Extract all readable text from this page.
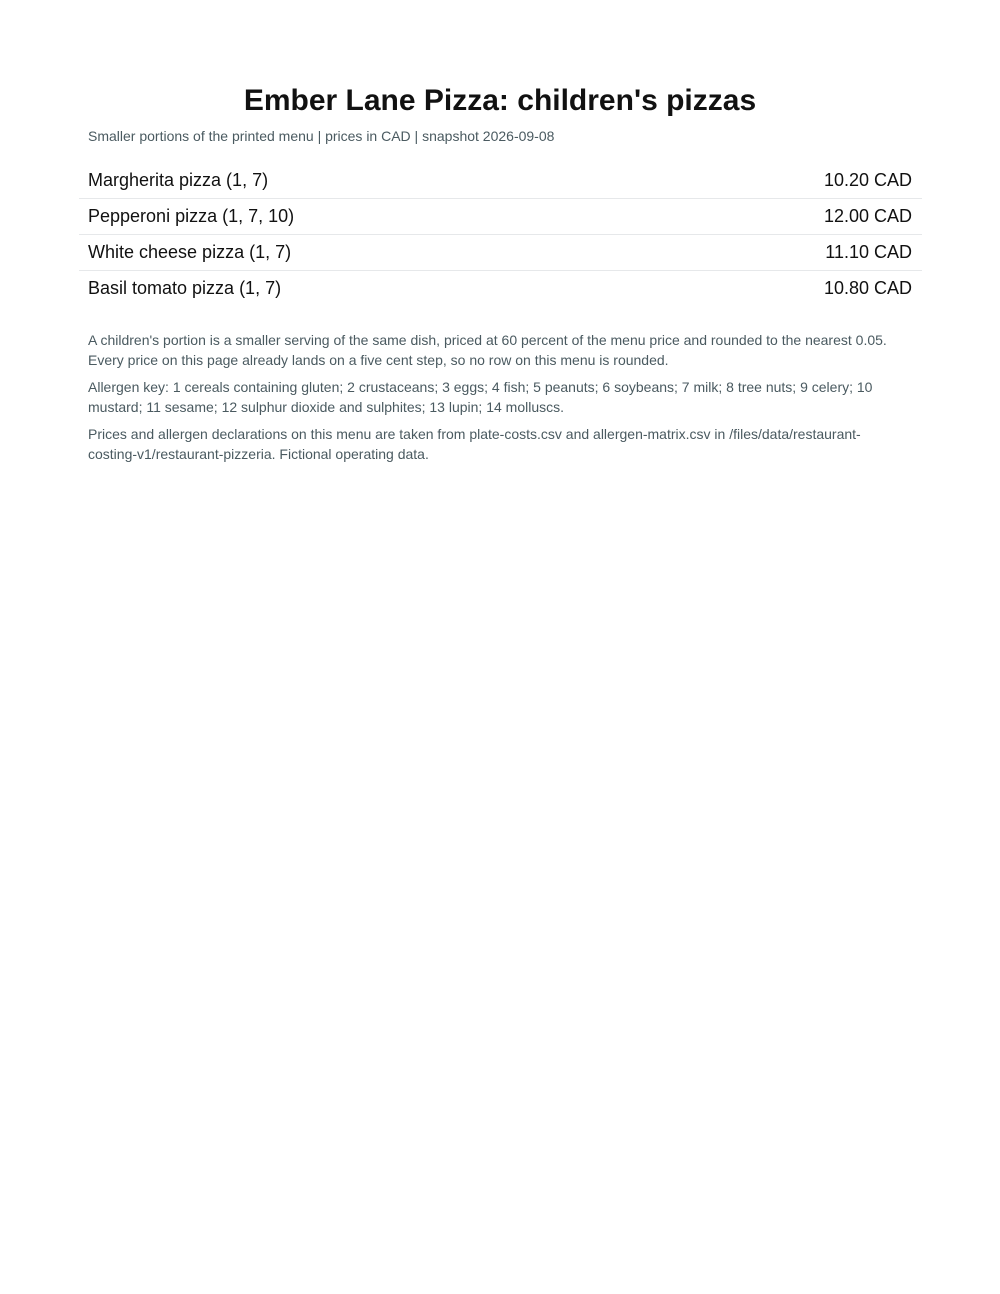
Ember Lane Pizza: children's pizzas

Smaller portions of the printed menu | prices in CAD | snapshot 2026-09-08

Margherita pizza (1, 7)	10.20 CAD
Pepperoni pizza (1, 7, 10)	12.00 CAD
White cheese pizza (1, 7)	11.10 CAD
Basil tomato pizza (1, 7)	10.80 CAD

A children's portion is a smaller serving of the same dish, priced at 60 percent of the menu price and rounded to the nearest 0.05. Every price on this page already lands on a five cent step, so no row on this menu is rounded.

Allergen key: 1 cereals containing gluten; 2 crustaceans; 3 eggs; 4 fish; 5 peanuts; 6 soybeans; 7 milk; 8 tree nuts; 9 celery; 10 mustard; 11 sesame; 12 sulphur dioxide and sulphites; 13 lupin; 14 molluscs.

Prices and allergen declarations on this menu are taken from plate-costs.csv and allergen-matrix.csv in /files/data/restaurant-costing-v1/restaurant-pizzeria. Fictional operating data.
